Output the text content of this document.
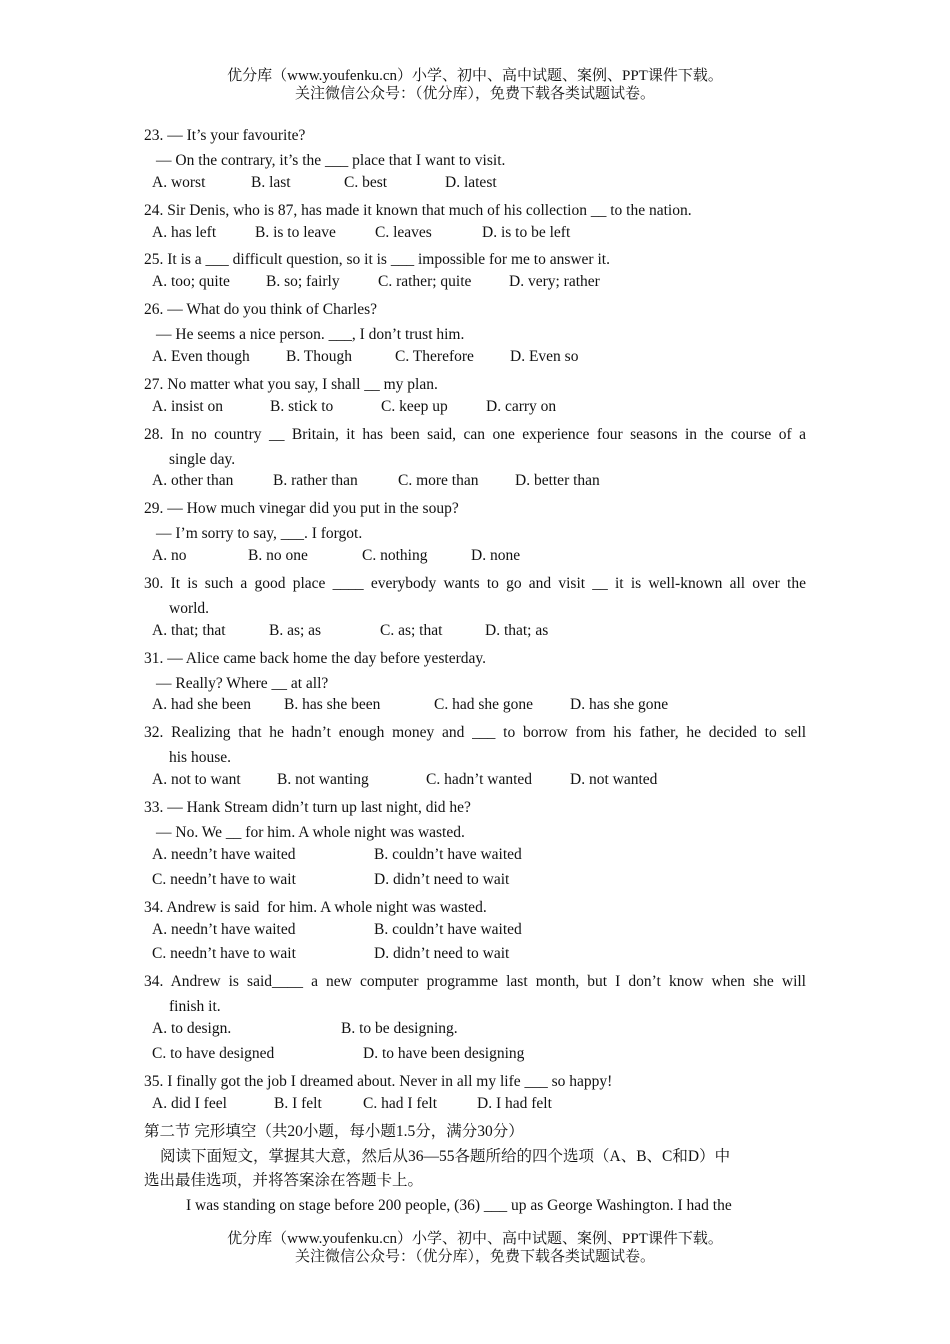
优分库（www.youfenku.cn）小学、初中、高中试题、案例、PPT课件下载。
关注微信公众号：（优分库），免费下载各类试题试卷。
23. — It’s your favourite?
— On the contrary, it’s the ___ place that I want to visit.
A. worst	B. last	C. best	D. latest
24. Sir Denis, who is 87, has made it known that much of his collection __ to the nation.
A. has left	B. is to leave	C. leaves	D. is to be left
25. It is a ___ difficult question, so it is ___ impossible for me to answer it.
A. too; quite B. so; fairly C. rather; quite D. very; rather
26. — What do you think of Charles?
— He seems a nice person. ___, I don’t trust him.
A. Even though B. Though	C. Therefore D. Even so
27. No matter what you say, I shall __ my plan.
A. insist on	B. stick to	C. keep up D. carry on
28. In no country __ Britain, it has been said, can one experience four seasons in the course of a
single day.
A. other than	B. rather than	C. more than D. better than
29. — How much vinegar did you put in the soup?
— I’m sorry to say, ___. I forgot.
A. no	B. no one	C. nothing	D. none
30. It is such a good place ____ everybody wants to go and visit __ it is well-known all over the
world.
A. that; that	B. as; as	C. as; that	D. that; as
31. — Alice came back home the day before yesterday.
— Really? Where __ at all?
A. had she been B. has she been	C. had she gone D. has she gone
32. Realizing that he hadn’t enough money and ___ to borrow from his father, he decided to sell
his house.
A. not to want B. not wanting	C. hadn’t wanted D. not wanted
33. — Hank Stream didn’t turn up last night, did he?
— No. We __ for him. A whole night was wasted.
A. needn’t have waited	B. couldn’t have waited
C. needn’t have to wait	D. didn’t need to wait
34. Andrew is said  for him. A whole night was wasted.
A. needn’t have waited	B. couldn’t have waited
C. needn’t have to wait	D. didn’t need to wait
34. Andrew is said____ a new computer programme last month, but I don’t know when she will
finish it.
A. to design.	B. to be designing.
C. to have designed	D. to have been designing
35. I finally got the job I dreamed about. Never in all my life ___ so happy!
A. did I feel	B. I felt	C. had I felt	D. I had felt
第二节 完形填空（共20小题，每小题1.5分，满分30分）
阅读下面短文，掌握其大意，然后从36—55各题所给的四个选项（A、B、C和D）中
选出最佳选项，并将答案涂在答题卡上。
I was standing on stage before 200 people, (36) ___ up as George Washington. I had the
优分库（www.youfenku.cn）小学、初中、高中试题、案例、PPT课件下载。
关注微信公众号：（优分库），免费下载各类试题试卷。
